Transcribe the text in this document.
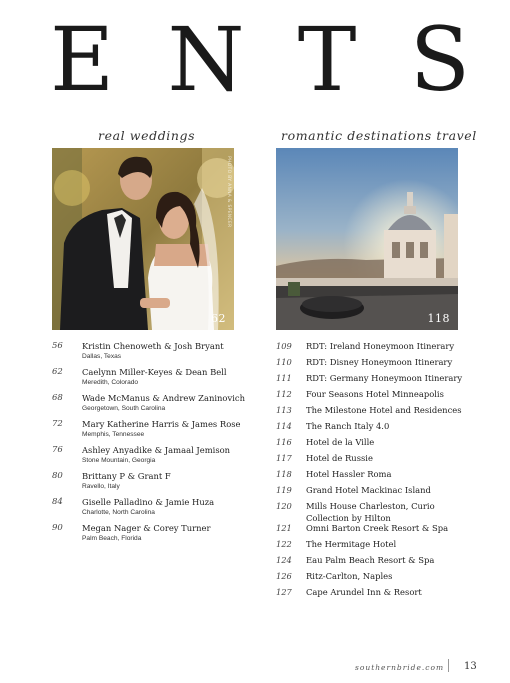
E N T S
real weddings	romantic destinations travel
PHOTO BY ANNA & SPENCER
62	118
56 Kristin Chenoweth & Josh Bryant
Dallas, Texas
62 Caelynn Miller-Keyes & Dean Bell
Meredith, Colorado
68 Wade McManus & Andrew Zaninovich
Georgetown, South Carolina
72 Mary Katherine Harris & James Rose
Memphis, Tennessee
76 Ashley Anyadike & Jamaal Jemison
Stone Mountain, Georgia
80 Brittany P & Grant F
Ravello, Italy
84 Giselle Palladino & Jamie Huza
Charlotte, North Carolina
90 Megan Nager & Corey Turner
Palm Beach, Florida
109 RDT: Ireland Honeymoon Itinerary
110 RDT: Disney Honeymoon Itinerary
111 RDT: Germany Honeymoon Itinerary
112 Four Seasons Hotel Minneapolis
113 The Milestone Hotel and Residences
114 The Ranch Italy 4.0
116 Hotel de la Ville
117 Hotel de Russie
118 Hotel Hassler Roma
119 Grand Hotel Mackinac Island
120 Mills House Charleston, Curio Collection by Hilton
121 Omni Barton Creek Resort & Spa
122 The Hermitage Hotel
124 Eau Palm Beach Resort & Spa
126 Ritz-Carlton, Naples
127 Cape Arundel Inn & Resort
southernbride.com 13
